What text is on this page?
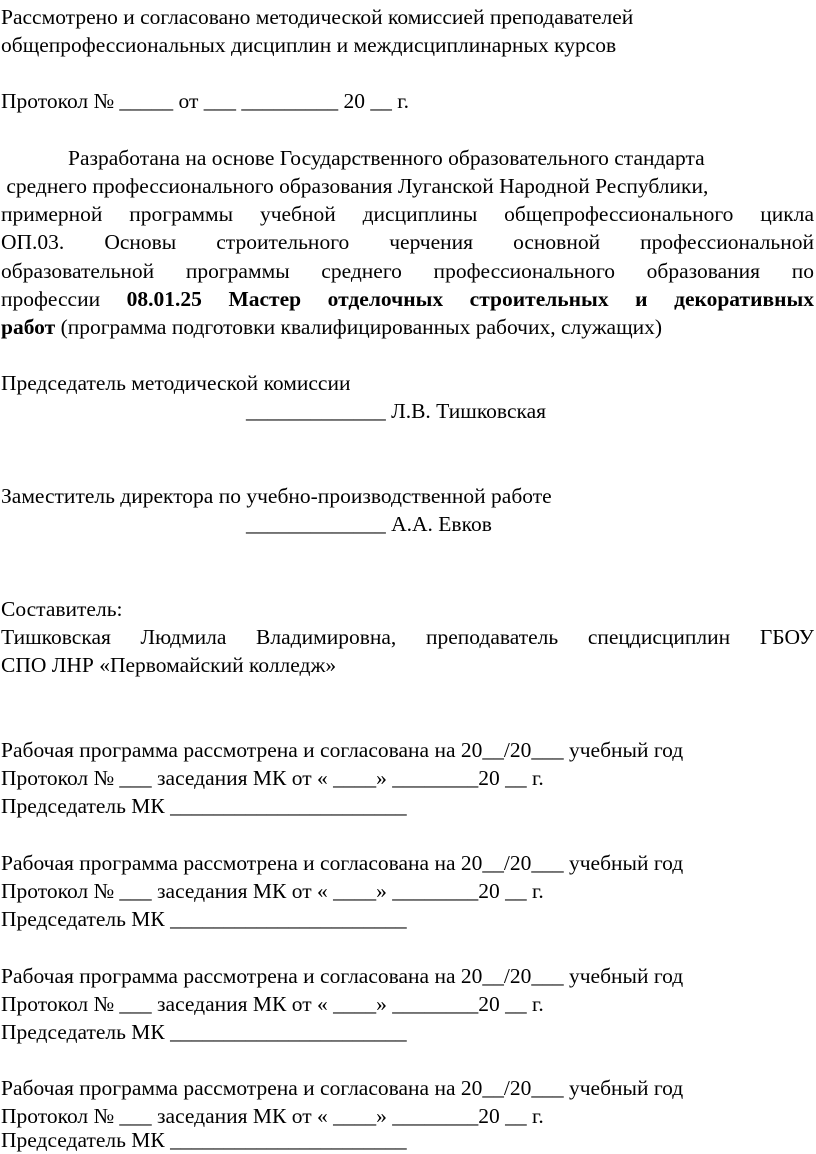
Рассмотрено и согласовано методической комиссией преподавателей
общепрофессиональных дисциплин и междисциплинарных курсов
Протокол № _____ от ___ _________ 20 __ г.
Разработана на основе Государственного образовательного стандарта
среднего профессионального образования Луганской Народной Республики,
примерной программы учебной дисциплины общепрофессионального цикла
ОП.03. Основы строительного черчения основной профессиональной
образовательной программы среднего профессионального образования по
профессии 08.01.25 Мастер отделочных строительных и декоративных
работ (программа подготовки квалифицированных рабочих, служащих)
Председатель методической комиссии
_____________ Л.В. Тишковская
Заместитель директора по учебно-производственной работе
_____________ А.А. Евков
Составитель:
Тишковская Людмила Владимировна, преподаватель спецдисциплин ГБОУ
СПО ЛНР «Первомайский колледж»
Рабочая программа рассмотрена и согласована на 20__/20___ учебный год
Протокол № ___ заседания МК от « ____» ________20 __ г.
Председатель МК ______________________
Рабочая программа рассмотрена и согласована на 20__/20___ учебный год
Протокол № ___ заседания МК от « ____» ________20 __ г.
Председатель МК ______________________
Рабочая программа рассмотрена и согласована на 20__/20___ учебный год
Протокол № ___ заседания МК от « ____» ________20 __ г.
Председатель МК ______________________
Рабочая программа рассмотрена и согласована на 20__/20___ учебный год
Протокол № ___ заседания МК от « ____» ________20 __ г.
Председатель МК ______________________
